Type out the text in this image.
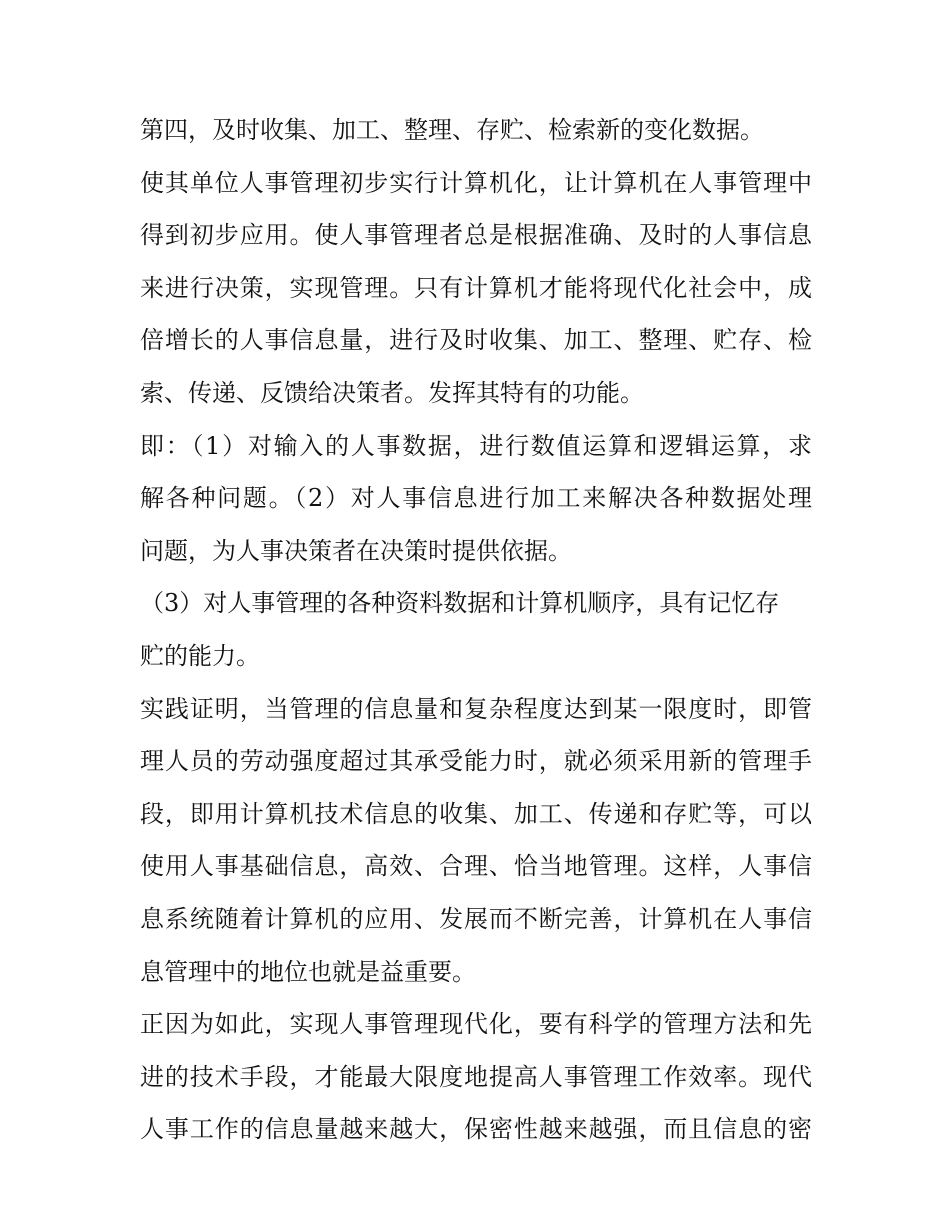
第四，及时收集、加工、整理、存贮、检索新的变化数据。
使其单位人事管理初步实行计算机化，让计算机在人事管理中
得到初步应用。使人事管理者总是根据准确、及时的人事信息
来进行决策，实现管理。只有计算机才能将现代化社会中，成
倍增长的人事信息量，进行及时收集、加工、整理、贮存、检
索、传递、反馈给决策者。发挥其特有的功能。
即：（1）对输入的人事数据，进行数值运算和逻辑运算，求
解各种问题。（2）对人事信息进行加工来解决各种数据处理
问题，为人事决策者在决策时提供依据。
（3）对人事管理的各种资料数据和计算机顺序，具有记忆存
贮的能力。
实践证明，当管理的信息量和复杂程度达到某一限度时，即管
理人员的劳动强度超过其承受能力时，就必须采用新的管理手
段，即用计算机技术信息的收集、加工、传递和存贮等，可以
使用人事基础信息，高效、合理、恰当地管理。这样，人事信
息系统随着计算机的应用、发展而不断完善，计算机在人事信
息管理中的地位也就是益重要。
正因为如此，实现人事管理现代化，要有科学的管理方法和先
进的技术手段，才能最大限度地提高人事管理工作效率。现代
人事工作的信息量越来越大，保密性越来越强，而且信息的密
